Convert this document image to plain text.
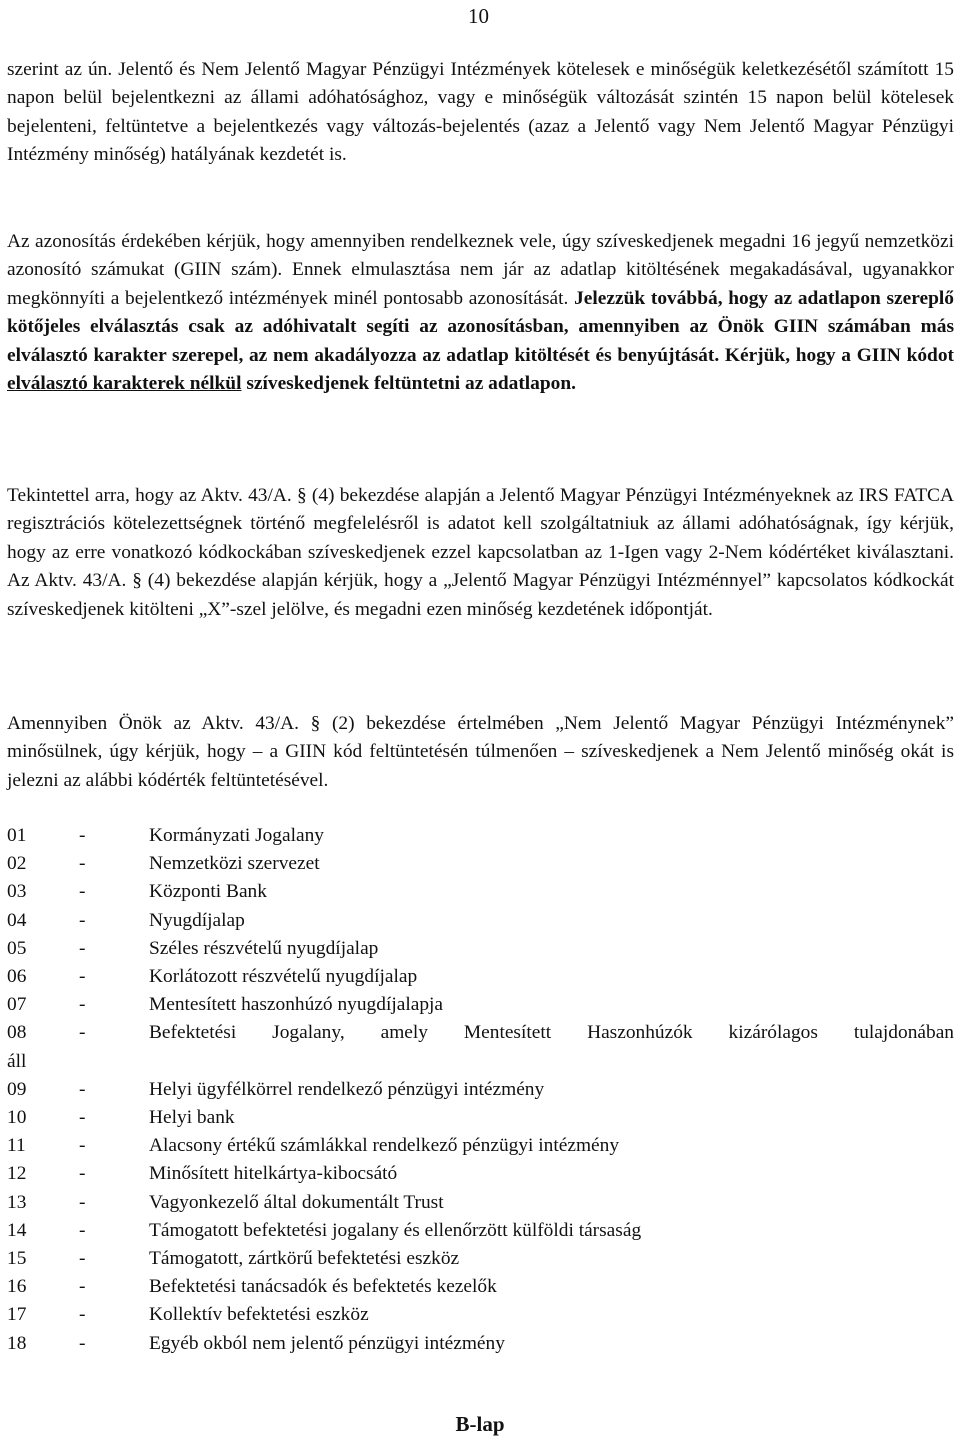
10

szerint az ún. Jelentő és Nem Jelentő Magyar Pénzügyi Intézmények kötelesek e minőségük keletkezésétől számított 15 napon belül bejelentkezni az állami adóhatósághoz, vagy e minőségük változását szintén 15 napon belül kötelesek bejelenteni, feltüntetve a bejelentkezés vagy változás-bejelentés (azaz a Jelentő vagy Nem Jelentő Magyar Pénzügyi Intézmény minőség) hatályának kezdetét is.

Az azonosítás érdekében kérjük, hogy amennyiben rendelkeznek vele, úgy szíveskedjenek megadni 16 jegyű nemzetközi azonosító számukat (GIIN szám). Ennek elmulasztása nem jár az adatlap kitöltésének megakadásával, ugyanakkor megkönnyíti a bejelentkező intézmények minél pontosabb azonosítását. Jelezzük továbbá, hogy az adatlapon szereplő kötőjeles elválasztás csak az adóhivatalt segíti az azonosításban, amennyiben az Önök GIIN számában más elválasztó karakter szerepel, az nem akadályozza az adatlap kitöltését és benyújtását. Kérjük, hogy a GIIN kódot elválasztó karakterek nélkül szíveskedjenek feltüntetni az adatlapon.

Tekintettel arra, hogy az Aktv. 43/A. § (4) bekezdése alapján a Jelentő Magyar Pénzügyi Intézményeknek az IRS FATCA regisztrációs kötelezettségnek történő megfelelésről is adatot kell szolgáltatniuk az állami adóhatóságnak, így kérjük, hogy az erre vonatkozó kódkockában szíveskedjenek ezzel kapcsolatban az 1-Igen vagy 2-Nem kódértéket kiválasztani. Az Aktv. 43/A. § (4) bekezdése alapján kérjük, hogy a „Jelentő Magyar Pénzügyi Intézménnyel” kapcsolatos kódkockát szíveskedjenek kitölteni „X”-szel jelölve, és megadni ezen minőség kezdetének időpontját.

Amennyiben Önök az Aktv. 43/A. § (2) bekezdése értelmében „Nem Jelentő Magyar Pénzügyi Intézménynek” minősülnek, úgy kérjük, hogy – a GIIN kód feltüntetésén túlmenően – szíveskedjenek a Nem Jelentő minőség okát is jelezni az alábbi kódérték feltüntetésével.

01	-	Kormányzati Jogalany
02	-	Nemzetközi szervezet
03	-	Központi Bank
04	-	Nyugdíjalap
05	-	Széles részvételű nyugdíjalap
06	-	Korlátozott részvételű nyugdíjalap
07	-	Mentesített haszonhúzó nyugdíjalapja
08	-	Befektetési Jogalany, amely Mentesített Haszonhúzók kizárólagos tulajdonában
áll
09	-	Helyi ügyfélkörrel rendelkező pénzügyi intézmény
10	-	Helyi bank
11	-	Alacsony értékű számlákkal rendelkező pénzügyi intézmény
12	-	Minősített hitelkártya-kibocsátó
13	-	Vagyonkezelő által dokumentált Trust
14	-	Támogatott befektetési jogalany és ellenőrzött külföldi társaság
15	-	Támogatott, zártkörű befektetési eszköz
16	-	Befektetési tanácsadók és befektetés kezelők
17	-	Kollektív befektetési eszköz
18	-	Egyéb okból nem jelentő pénzügyi intézmény
B-lap
